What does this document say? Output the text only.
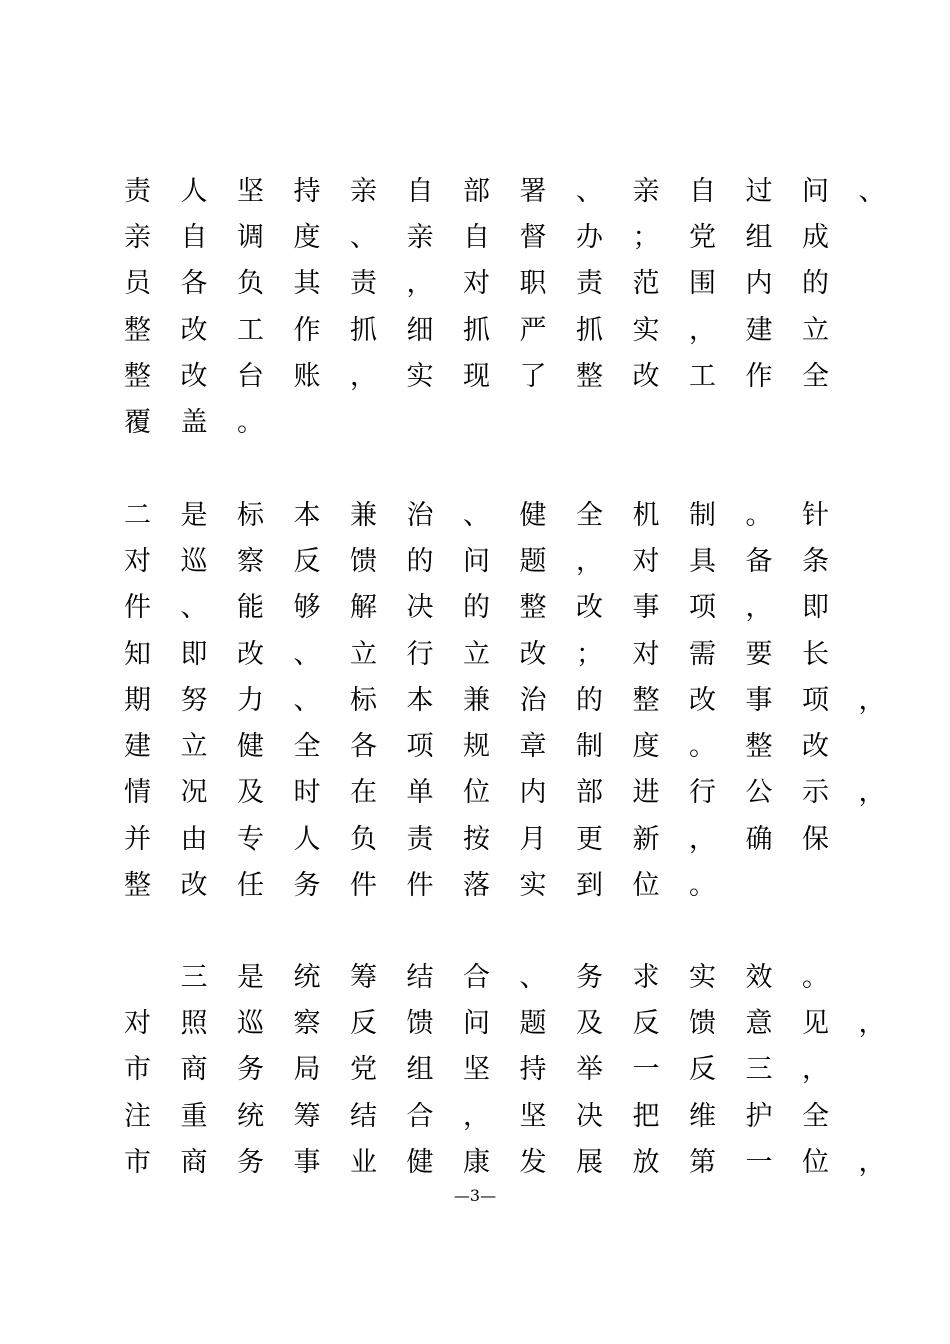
责	人	坚	持	亲	自	部	署	、	亲	自	过	问	、
亲	自	调	度	、	亲	自	督	办	；	党	组	成
员	各	负	其	责	，	对	职	责	范	围	内	的
整	改	工	作	抓	细	抓	严	抓	实	，	建	立
整	改	台	账	，	实	现	了	整	改	工	作	全
覆	盖	。
二	是	标	本	兼	治	、	健	全	机	制	。	针
对	巡	察	反	馈	的	问	题	，	对	具	备	条
件	、	能	够	解	决	的	整	改	事	项	，	即
知	即	改	、	立	行	立	改	；	对	需	要	长
期	努	力	、	标	本	兼	治	的	整	改	事	项	，
建	立	健	全	各	项	规	章	制	度	。	整	改
情	况	及	时	在	单	位	内	部	进	行	公	示	，
并	由	专	人	负	责	按	月	更	新	，	确	保
整	改	任	务	件	件	落	实	到	位	。
三	是	统	筹	结	合	、	务	求	实	效	。
对	照	巡	察	反	馈	问	题	及	反	馈	意	见	，
市	商	务	局	党	组	坚	持	举	一	反	三	，
注	重	统	筹	结	合	，	坚	决	把	维	护	全
市	商	务	事	业	健	康	发	展	放	第	一	位	，
—3—
